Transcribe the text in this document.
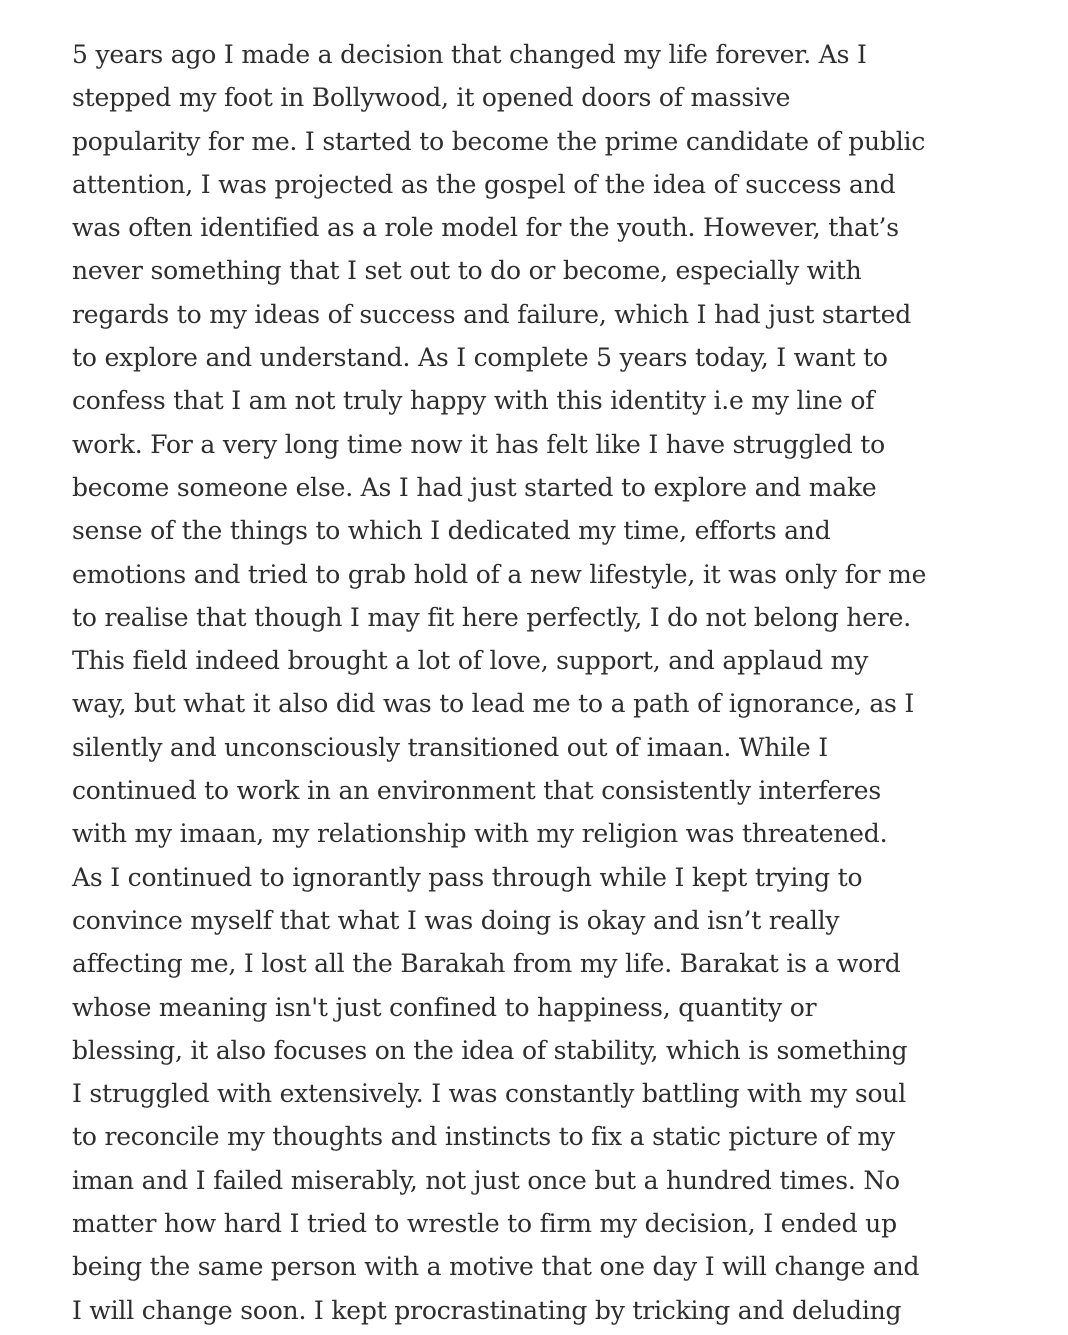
5 years ago I made a decision that changed my life forever. As I
stepped my foot in Bollywood, it opened doors of massive
popularity for me. I started to become the prime candidate of public
attention, I was projected as the gospel of the idea of success and
was often identified as a role model for the youth. However, that’s
never something that I set out to do or become, especially with
regards to my ideas of success and failure, which I had just started
to explore and understand. As I complete 5 years today, I want to
confess that I am not truly happy with this identity i.e my line of
work. For a very long time now it has felt like I have struggled to
become someone else. As I had just started to explore and make
sense of the things to which I dedicated my time, efforts and
emotions and tried to grab hold of a new lifestyle, it was only for me
to realise that though I may fit here perfectly, I do not belong here.
This field indeed brought a lot of love, support, and applaud my
way, but what it also did was to lead me to a path of ignorance, as I
silently and unconsciously transitioned out of imaan. While I
continued to work in an environment that consistently interferes
with my imaan, my relationship with my religion was threatened.
As I continued to ignorantly pass through while I kept trying to
convince myself that what I was doing is okay and isn’t really
affecting me, I lost all the Barakah from my life. Barakat is a word
whose meaning isn't just confined to happiness, quantity or
blessing, it also focuses on the idea of stability, which is something
I struggled with extensively. I was constantly battling with my soul
to reconcile my thoughts and instincts to fix a static picture of my
iman and I failed miserably, not just once but a hundred times. No
matter how hard I tried to wrestle to firm my decision, I ended up
being the same person with a motive that one day I will change and
I will change soon. I kept procrastinating by tricking and deluding
